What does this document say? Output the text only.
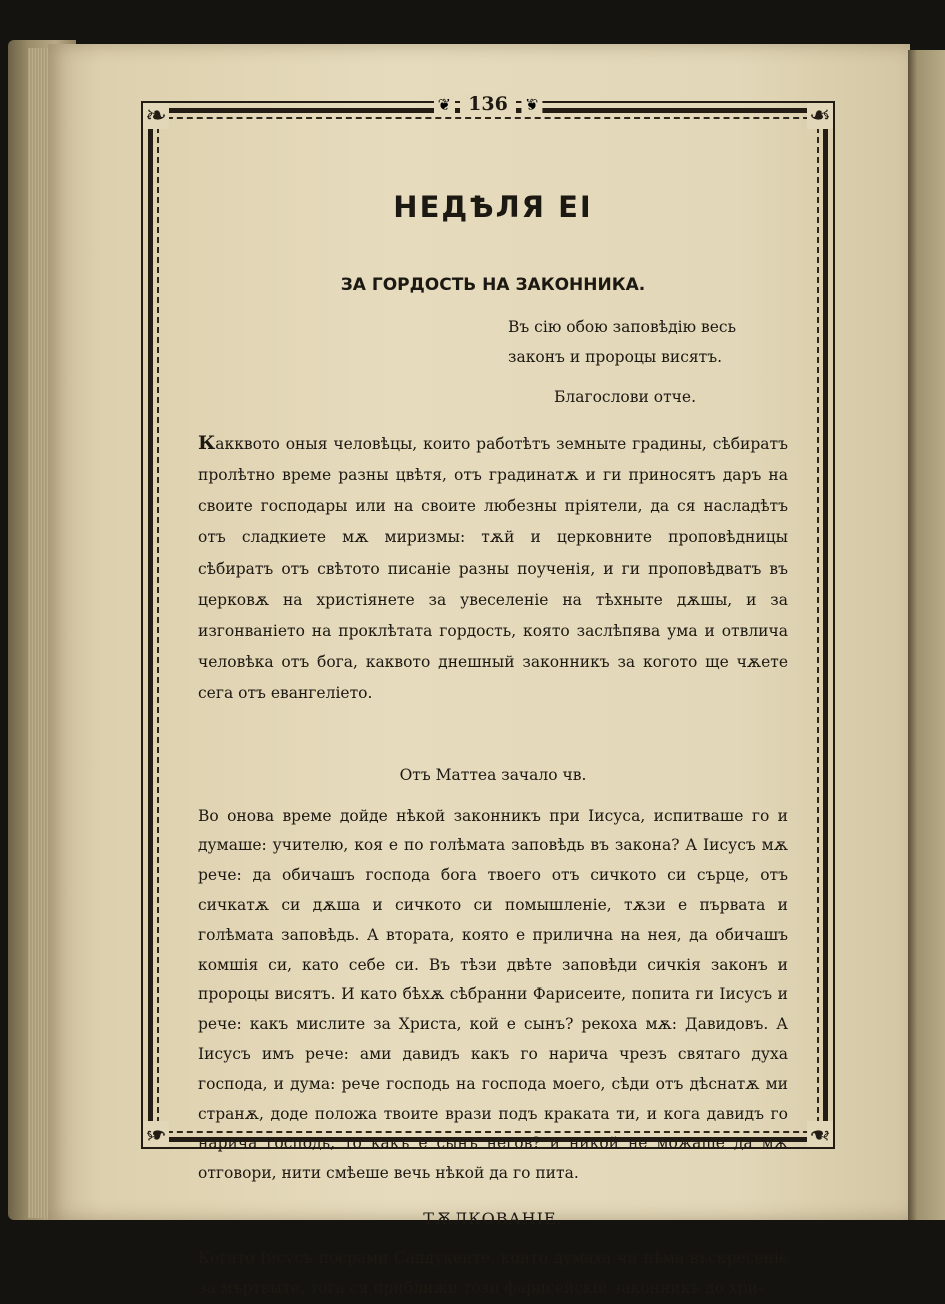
❦ 136 ❦
❧	❧
❧	❧
НЕДѢЛЯ ЕI
ЗА ГОРДОСТЬ НА ЗАКОННИКА.

Въ сiю обою заповѣдiю весь законъ и пророцы висятъ.

Благослови отче.

Какквото оныя человѣцы, които работѣтъ земныте градины, сѣбиратъ пролѣтно време разны цвѣтя, отъ градинатѫ и ги приносятъ даръ на своите господары или на своите любезны прiятели, да ся насладѣтъ отъ сладкиете мѫ миризмы: тѫй и церковните проповѣдницы сѣбиратъ отъ свѣтото писанiе разны поученiя, и ги проповѣдватъ въ церковѫ на христiянете за увеселенiе на тѣхныте дѫшы, и за изгонванiето на проклѣтата гордость, която заслѣпява ума и отвлича человѣка отъ бога, каквото днешный законникъ за когото ще чѫете сега отъ евангелiето.

Отъ Маттеа зачало чв.

Во онова време дойде нѣкой законникъ при Iисуса, испитваше го и думаше: учителю, коя е по голѣмата заповѣдь въ закона? А Iисусъ мѫ рече: да обичашъ господа бога твоего отъ сичкото си сърце, отъ сичкатѫ си дѫша и сичкото си помышленiе, тѫзи е първата и голѣмата заповѣдь. А втората, която е прилична на нея, да обичашъ комшiя си, като себе си. Въ тѣзи двѣте заповѣди сичкiя законъ и пророцы висятъ. И като бѣхѫ сѣбранни Фарисеите, попита ги Iисусъ и рече: какъ мислите за Христа, кой е сынъ? рекоха мѫ: Давидовъ. А Iисусъ имъ рече: ами давидъ какъ го нарича чрезъ святаго духа господа, и дума: рече господь на господа моего, сѣди отъ дѣснатѫ ми странѫ, доде положа твоите врази подъ краката ти, и кога давидъ го нарича господь, то какъ е сынъ негов? и никой не можаше да мѫ отговори, нити смѣеше вечь нѣкой да го пита.

ТѪЛКОВАНIЕ.

Когато Iисусъ посрами Саддукеите, които думаха чи нѣма въскресенiе за мъртвыте, тога ся приближи този фарисейскiй законникъ до хри-
